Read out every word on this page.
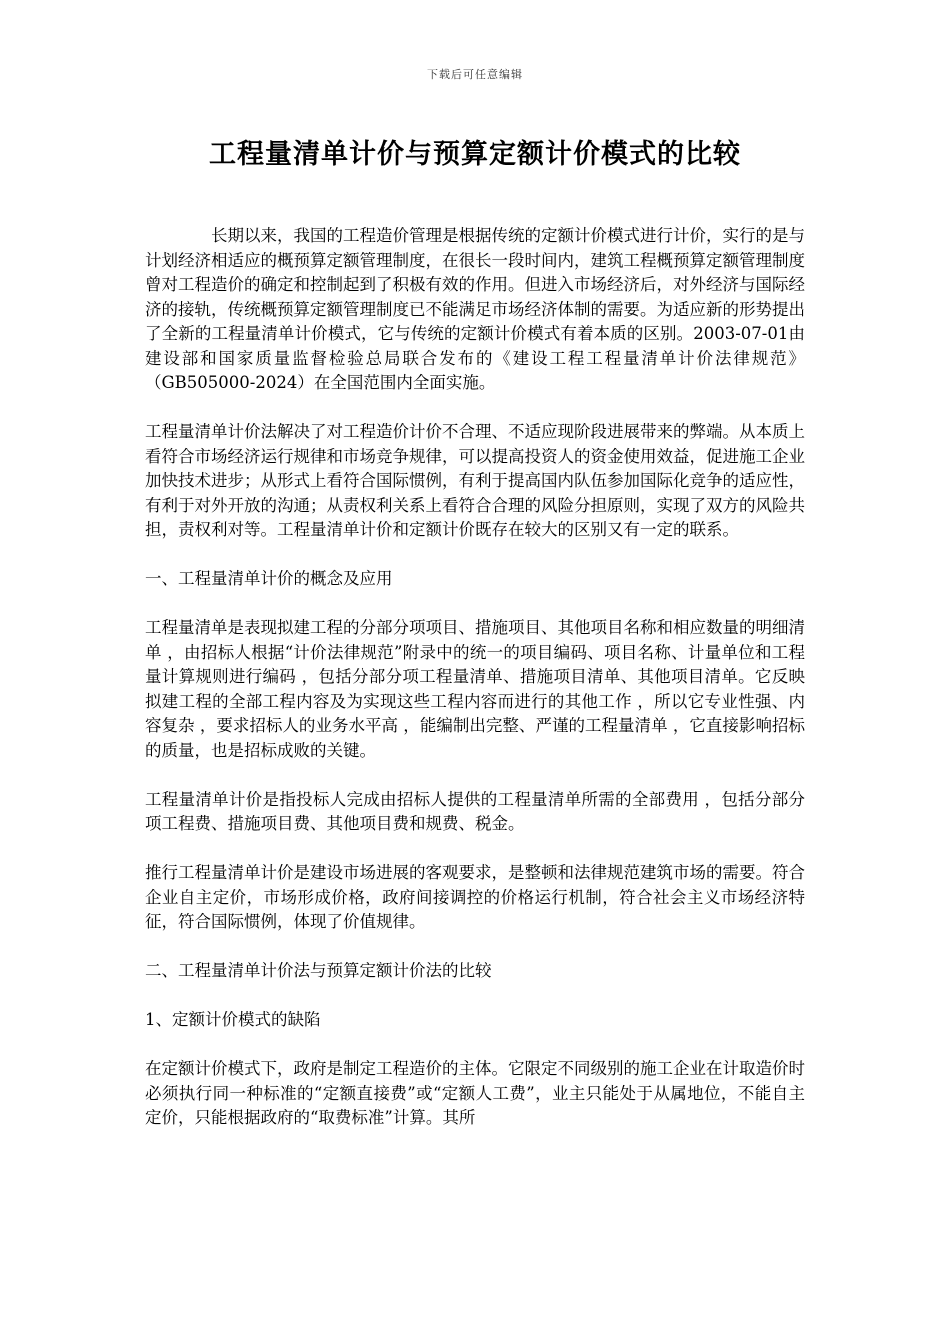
下载后可任意编辑
工程量清单计价与预算定额计价模式的比较

长期以来，我国的工程造价管理是根据传统的定额计价模式进行计价，实行的是与计划经济相适应的概预算定额管理制度，在很长一段时间内，建筑工程概预算定额管理制度曾对工程造价的确定和控制起到了积极有效的作用。但进入市场经济后，对外经济与国际经济的接轨，传统概预算定额管理制度已不能满足市场经济体制的需要。为适应新的形势提出了全新的工程量清单计价模式，它与传统的定额计价模式有着本质的区别。2003-07-01由建设部和国家质量监督检验总局联合发布的《建设工程工程量清单计价法律规范》（GB505000-2024）在全国范围内全面实施。

工程量清单计价法解决了对工程造价计价不合理、不适应现阶段进展带来的弊端。从本质上看符合市场经济运行规律和市场竞争规律，可以提高投资人的资金使用效益，促进施工企业加快技术进步；从形式上看符合国际惯例，有利于提高国内队伍参加国际化竞争的适应性，有利于对外开放的沟通；从责权利关系上看符合合理的风险分担原则，实现了双方的风险共担，责权利对等。工程量清单计价和定额计价既存在较大的区别又有一定的联系。

一、工程量清单计价的概念及应用

工程量清单是表现拟建工程的分部分项项目、措施项目、其他项目名称和相应数量的明细清单 ，由招标人根据“计价法律规范”附录中的统一的项目编码、项目名称、计量单位和工程量计算规则进行编码 ，包括分部分项工程量清单、措施项目清单、其他项目清单。它反映拟建工程的全部工程内容及为实现这些工程内容而进行的其他工作 ，所以它专业性强、内容复杂 ，要求招标人的业务水平高 ，能编制出完整、严谨的工程量清单 ，它直接影响招标的质量，也是招标成败的关键。

工程量清单计价是指投标人完成由招标人提供的工程量清单所需的全部费用 ，包括分部分项工程费、措施项目费、其他项目费和规费、税金。

推行工程量清单计价是建设市场进展的客观要求，是整顿和法律规范建筑市场的需要。符合企业自主定价，市场形成价格，政府间接调控的价格运行机制，符合社会主义市场经济特征，符合国际惯例，体现了价值规律。

二、工程量清单计价法与预算定额计价法的比较

1、定额计价模式的缺陷

在定额计价模式下，政府是制定工程造价的主体。它限定不同级别的施工企业在计取造价时必须执行同一种标准的“定额直接费”或“定额人工费”，业主只能处于从属地位，不能自主定价，只能根据政府的“取费标准”计算。其所
